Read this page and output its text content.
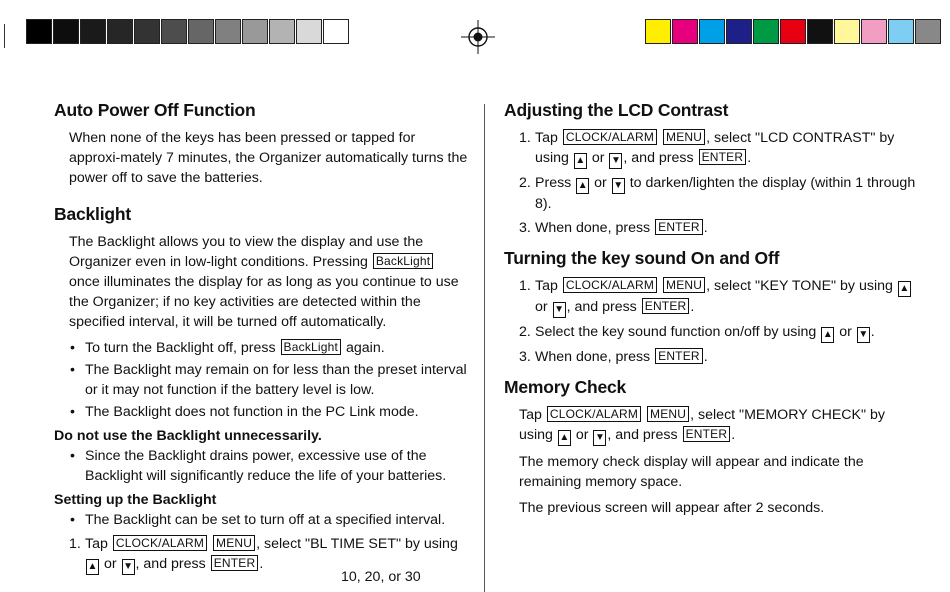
Auto Power Off Function

When none of the keys has been pressed or tapped for approxi-mately 7 minutes, the Organizer automatically turns the power off to save the batteries.

Backlight

The Backlight allows you to view the display and use the Organizer even in low-light conditions. Pressing BackLight once illuminates the display for as long as you continue to use the Organizer; if no key activities are detected within the specified interval, it will be turned off automatically.

• To turn the Backlight off, press BackLight again.
• The Backlight may remain on for less than the preset interval or it may not function if the battery level is low.
• The Backlight does not function in the PC Link mode.
Do not use the Backlight unnecessarily.
• Since the Backlight drains power, excessive use of the Backlight will significantly reduce the life of your batteries.
Setting up the Backlight
• The Backlight can be set to turn off at a specified interval.
1. Tap CLOCK/ALARM MENU , select "BL TIME SET" by using ▲ or ▼ , and press ENTER .
10, 20, or 30
Adjusting the LCD Contrast
1. Tap CLOCK/ALARM MENU , select "LCD CONTRAST" by using ▲ or ▼ , and press ENTER .
2. Press ▲ or ▼ to darken/lighten the display (within 1 through 8).
3. When done, press ENTER .
Turning the key sound On and Off
1. Tap CLOCK/ALARM MENU , select "KEY TONE" by using ▲ or ▼ , and press ENTER .
2. Select the key sound function on/off by using ▲ or ▼ .
3. When done, press ENTER .
Memory Check

Tap CLOCK/ALARM MENU , select "MEMORY CHECK" by using ▲ or ▼ , and press ENTER .

The memory check display will appear and indicate the remaining memory space.

The previous screen will appear after 2 seconds.
